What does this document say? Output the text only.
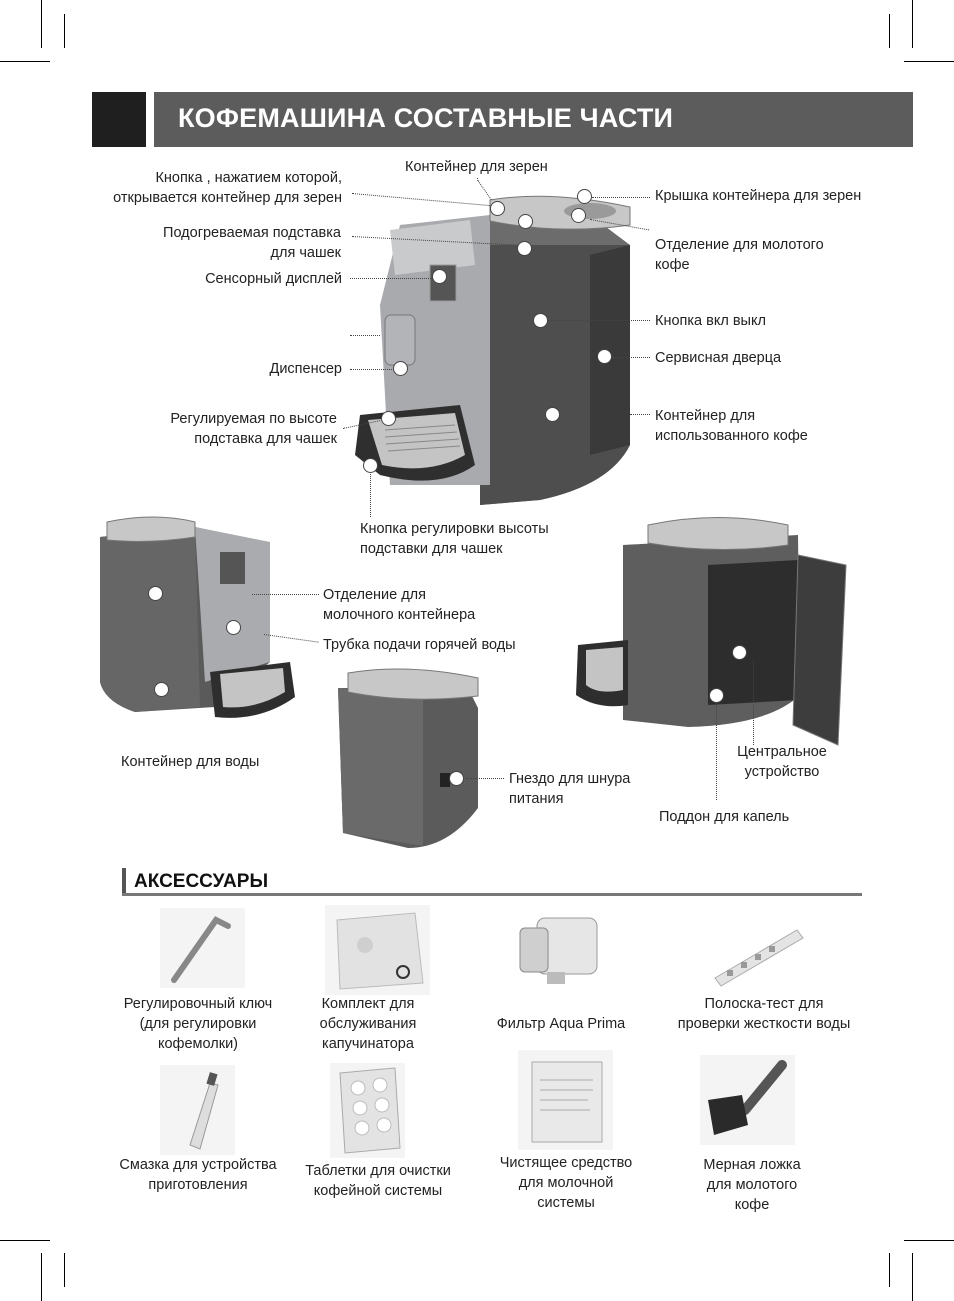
КОФЕМАШИНА СОСТАВНЫЕ ЧАСТИ
Кнопка , нажатием которой,
открывается контейнер для зерен
Контейнер для зерен
Крышка контейнера для зерен
Подогреваемая подставка
для чашек	Отделение для молотого
кофе
Сенсорный дисплей
Кнопка вкл выкл
Сервисная дверца
Диспенсер
Регулируемая по высоте
подставка для чашек
Контейнер для
использованного кофе
Кнопка регулировки высоты
подставки для чашек
Отделение для
молочного контейнера
Трубка подачи горячей воды
Контейнер для воды
Гнездо для шнура
питания
Центральное
устройство
Поддон для капель
АКСЕССУАРЫ
Регулировочный ключ
(для регулировки
кофемолки)
Комплект для
обслуживания
капучинатора
Фильтр Aqua Prima
Полоска-тест для
проверки жесткости воды
Смазка для устройства
приготовления
Таблетки для очистки
кофейной системы
Чистящее средство
для молочной
системы
Мерная ложка
для молотого
кофе
